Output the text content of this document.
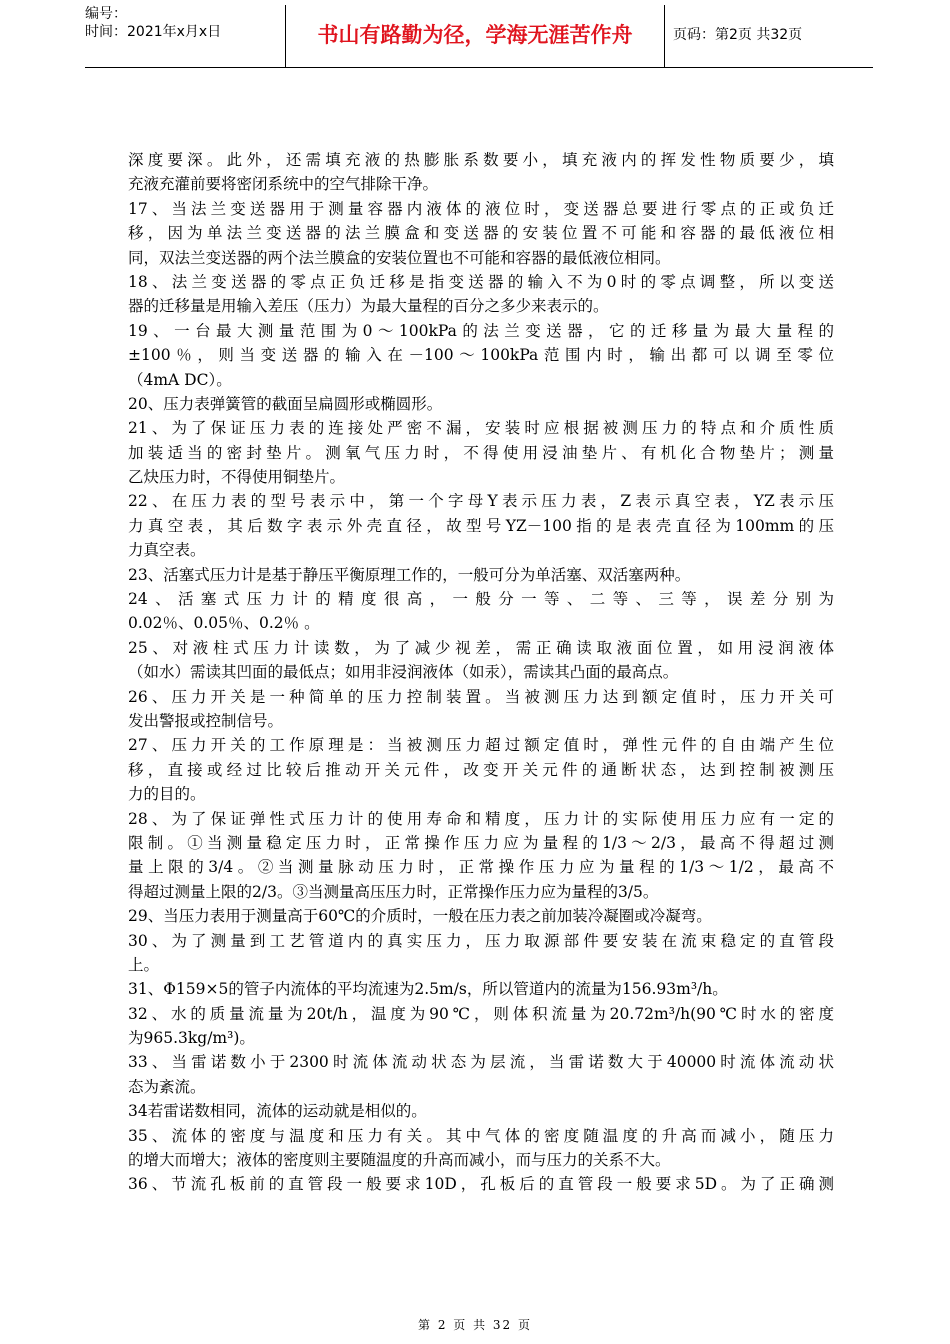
编号：
时间：2021年x月x日	书山有路勤为径，学海无涯苦作舟	页码：第2页 共32页
深度要深。此外，还需填充液的热膨胀系数要小，填充液内的挥发性物质要少，填
充液充灌前要将密闭系统中的空气排除干净。
17、当法兰变送器用于测量容器内液体的液位时，变送器总要进行零点的正或负迁
移，因为单法兰变送器的法兰膜盒和变送器的安装位置不可能和容器的最低液位相
同，双法兰变送器的两个法兰膜盒的安装位置也不可能和容器的最低液位相同。
18、法兰变送器的零点正负迁移是指变送器的输入不为0时的零点调整，所以变送
器的迁移量是用输入差压（压力）为最大量程的百分之多少来表示的。
19、一台最大测量范围为0～100kPa的法兰变送器，它的迁移量为最大量程的
±100％，则当变送器的输入在－100～100kPa范围内时，输出都可以调至零位
（4mA DC）。
20、压力表弹簧管的截面呈扁圆形或椭圆形。
21、为了保证压力表的连接处严密不漏，安装时应根据被测压力的特点和介质性质
加装适当的密封垫片。测氧气压力时，不得使用浸油垫片、有机化合物垫片；测量
乙炔压力时，不得使用铜垫片。
22、在压力表的型号表示中，第一个字母Y表示压力表，Z表示真空表，YZ表示压
力真空表，其后数字表示外壳直径，故型号YZ－100指的是表壳直径为100mm的压
力真空表。
23、活塞式压力计是基于静压平衡原理工作的，一般可分为单活塞、双活塞两种。
24、活塞式压力计的精度很高，一般分一等、二等、三等，误差分别为
0.02％、0.05％、0.2％ 。
25、对液柱式压力计读数，为了减少视差，需正确读取液面位置，如用浸润液体
（如水）需读其凹面的最低点；如用非浸润液体（如汞），需读其凸面的最高点。
26、压力开关是一种简单的压力控制装置。当被测压力达到额定值时，压力开关可
发出警报或控制信号。
27、压力开关的工作原理是：当被测压力超过额定值时，弹性元件的自由端产生位
移，直接或经过比较后推动开关元件，改变开关元件的通断状态，达到控制被测压
力的目的。
28、为了保证弹性式压力计的使用寿命和精度，压力计的实际使用压力应有一定的
限制。①当测量稳定压力时，正常操作压力应为量程的1/3～2/3，最高不得超过测
量上限的3/4。②当测量脉动压力时，正常操作压力应为量程的1/3～1/2，最高不
得超过测量上限的2/3。③当测量高压压力时，正常操作压力应为量程的3/5。
29、当压力表用于测量高于60℃的介质时，一般在压力表之前加装冷凝圈或冷凝弯。
30、为了测量到工艺管道内的真实压力，压力取源部件要安装在流束稳定的直管段
上。
31、Φ159×5的管子内流体的平均流速为2.5m/s，所以管道内的流量为156.93m³/h。
32、水的质量流量为20t/h，温度为90℃，则体积流量为20.72m³/h(90℃时水的密度
为965.3kg/m³)。
33、当雷诺数小于2300时流体流动状态为层流，当雷诺数大于40000时流体流动状
态为紊流。
34若雷诺数相同，流体的运动就是相似的。
35、流体的密度与温度和压力有关。其中气体的密度随温度的升高而减小，随压力
的增大而增大；液体的密度则主要随温度的升高而减小，而与压力的关系不大。
36、节流孔板前的直管段一般要求10D，孔板后的直管段一般要求5D。为了正确测
第 2 页 共 32 页
